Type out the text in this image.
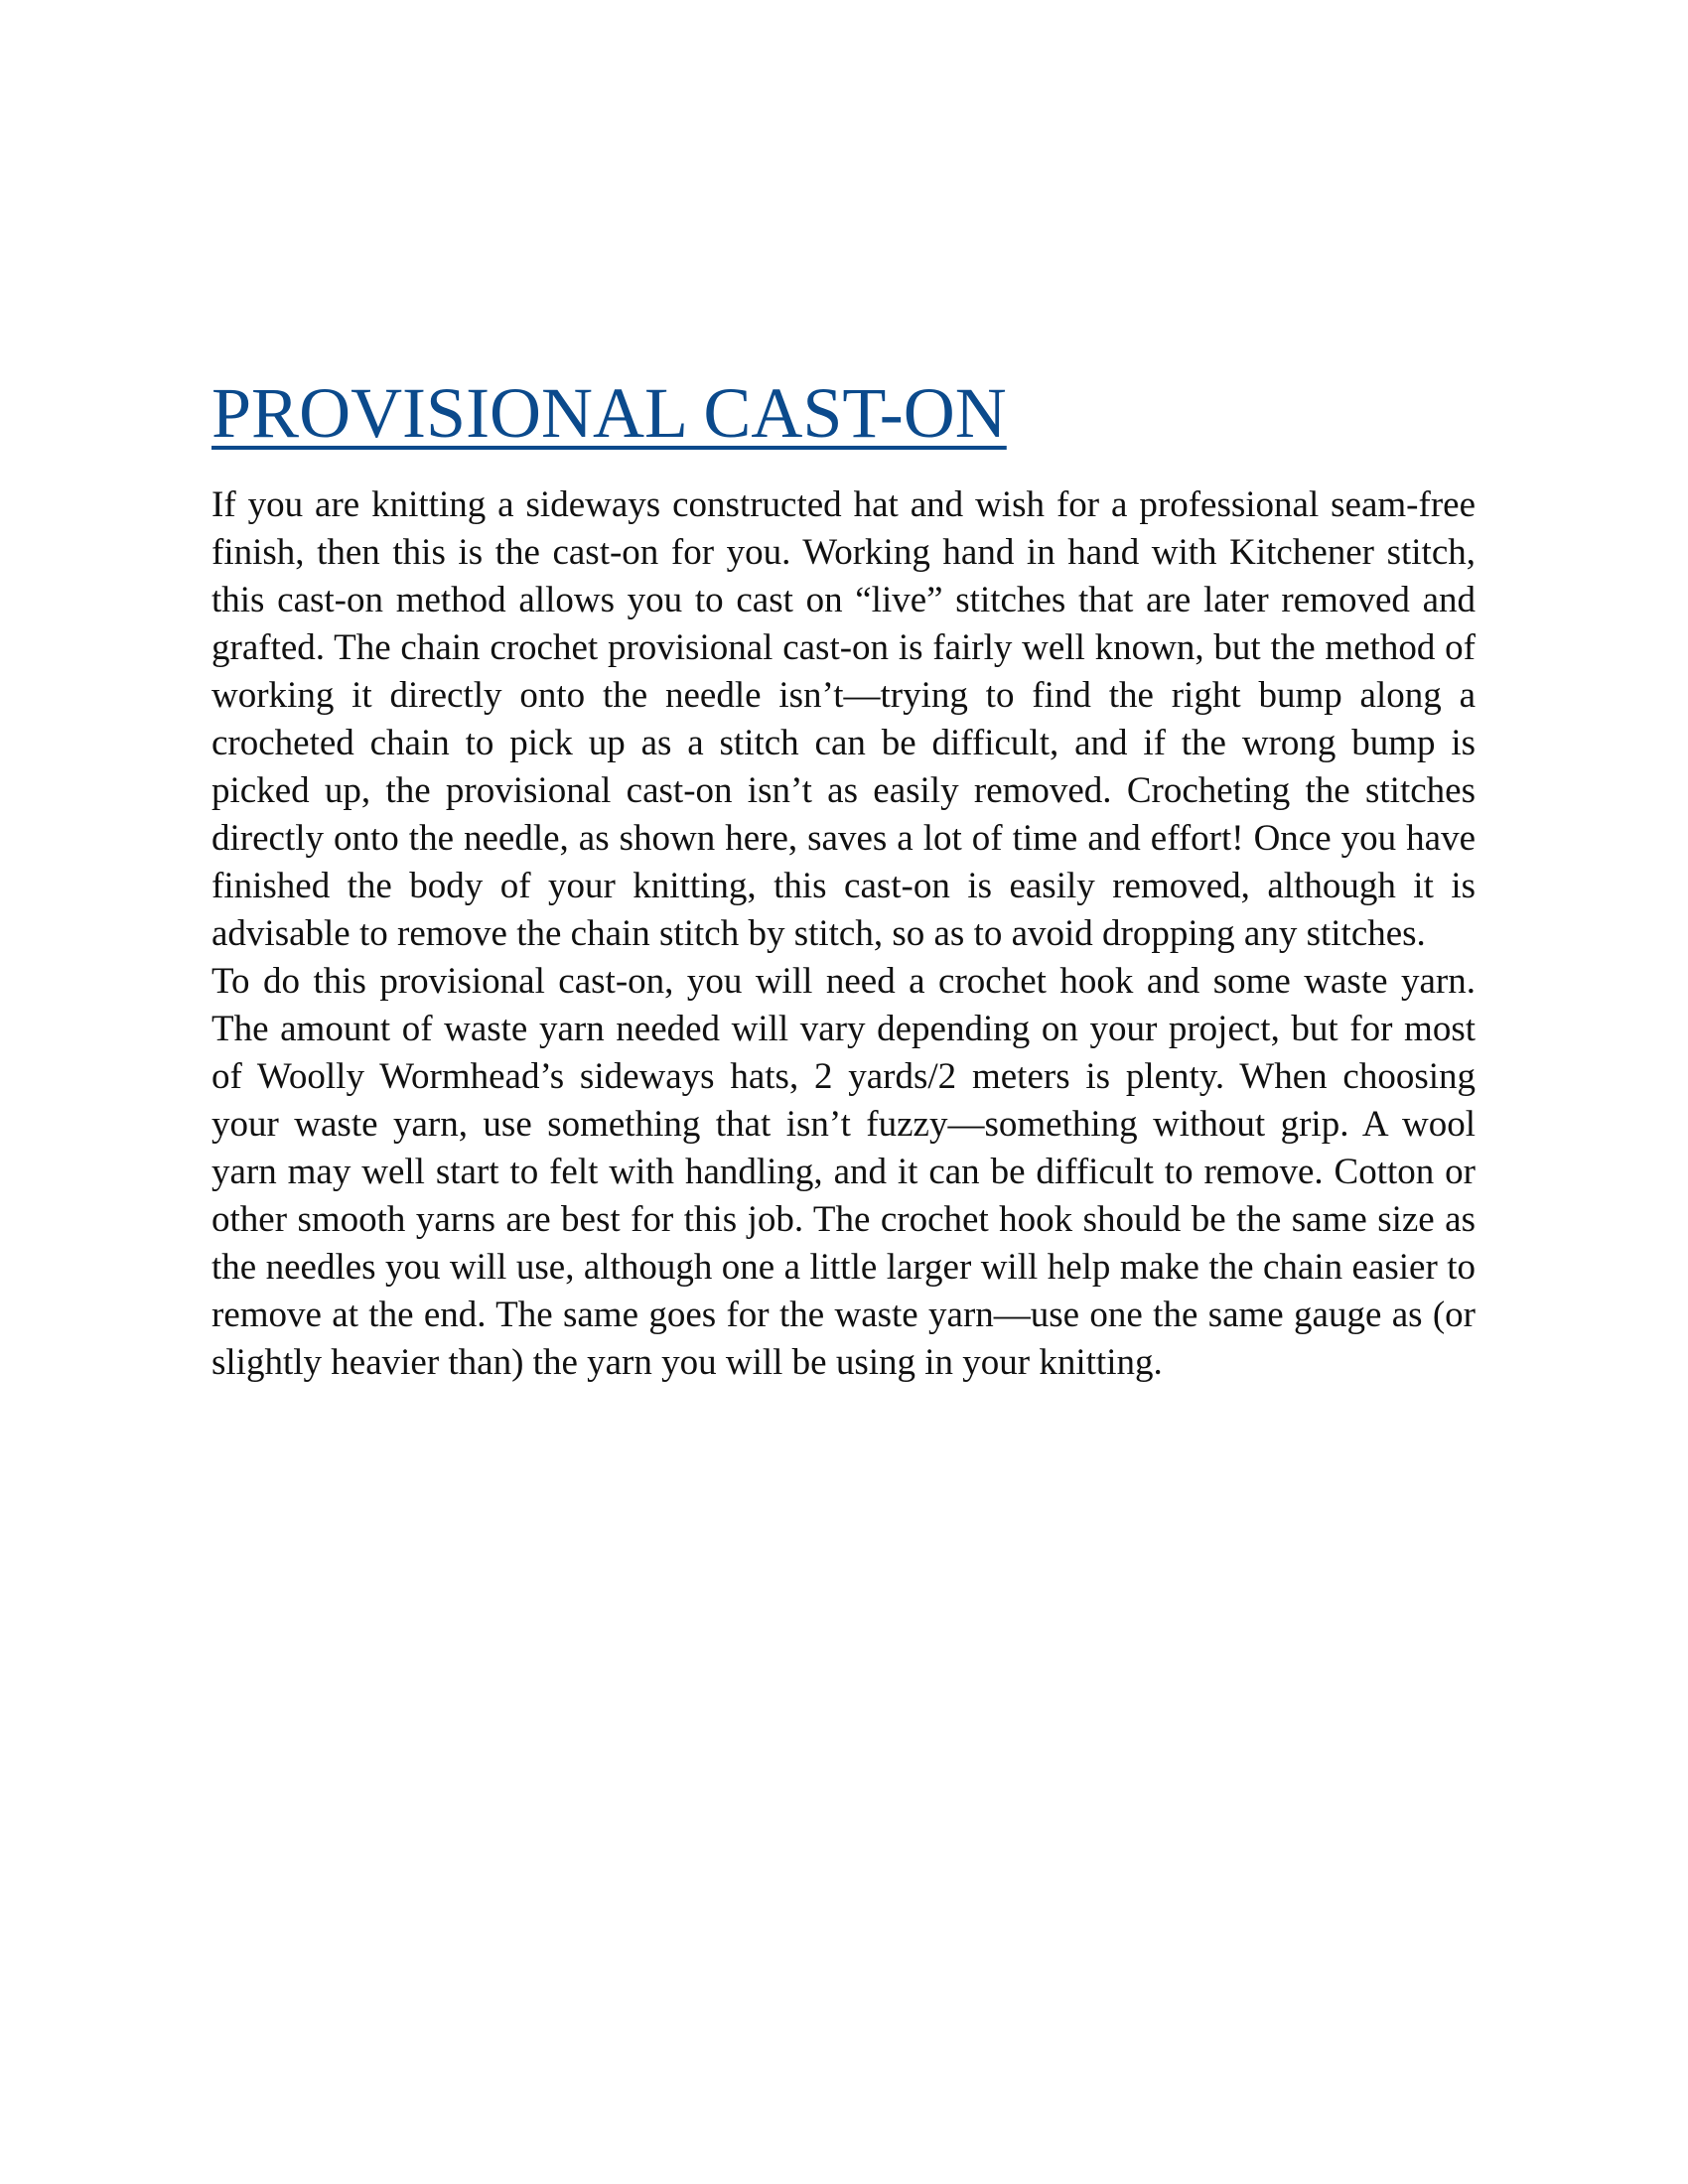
PROVISIONAL CAST-ON

If you are knitting a sideways constructed hat and wish for a professional seam-free finish, then this is the cast-on for you. Working hand in hand with Kitchener stitch, this cast-on method allows you to cast on “live” stitches that are later removed and grafted. The chain crochet provisional cast-on is fairly well known, but the method of working it directly onto the needle isn’t—trying to find the right bump along a crocheted chain to pick up as a stitch can be difficult, and if the wrong bump is picked up, the provisional cast-on isn’t as easily removed. Crocheting the stitches directly onto the needle, as shown here, saves a lot of time and effort! Once you have finished the body of your knitting, this cast-on is easily removed, although it is advisable to remove the chain stitch by stitch, so as to avoid dropping any stitches.

To do this provisional cast-on, you will need a crochet hook and some waste yarn. The amount of waste yarn needed will vary depending on your project, but for most of Woolly Wormhead’s sideways hats, 2 yards/2 meters is plenty. When choosing your waste yarn, use something that isn’t fuzzy—something without grip. A wool yarn may well start to felt with handling, and it can be difficult to remove. Cotton or other smooth yarns are best for this job. The crochet hook should be the same size as the needles you will use, although one a little larger will help make the chain easier to remove at the end. The same goes for the waste yarn—use one the same gauge as (or slightly heavier than) the yarn you will be using in your knitting.
